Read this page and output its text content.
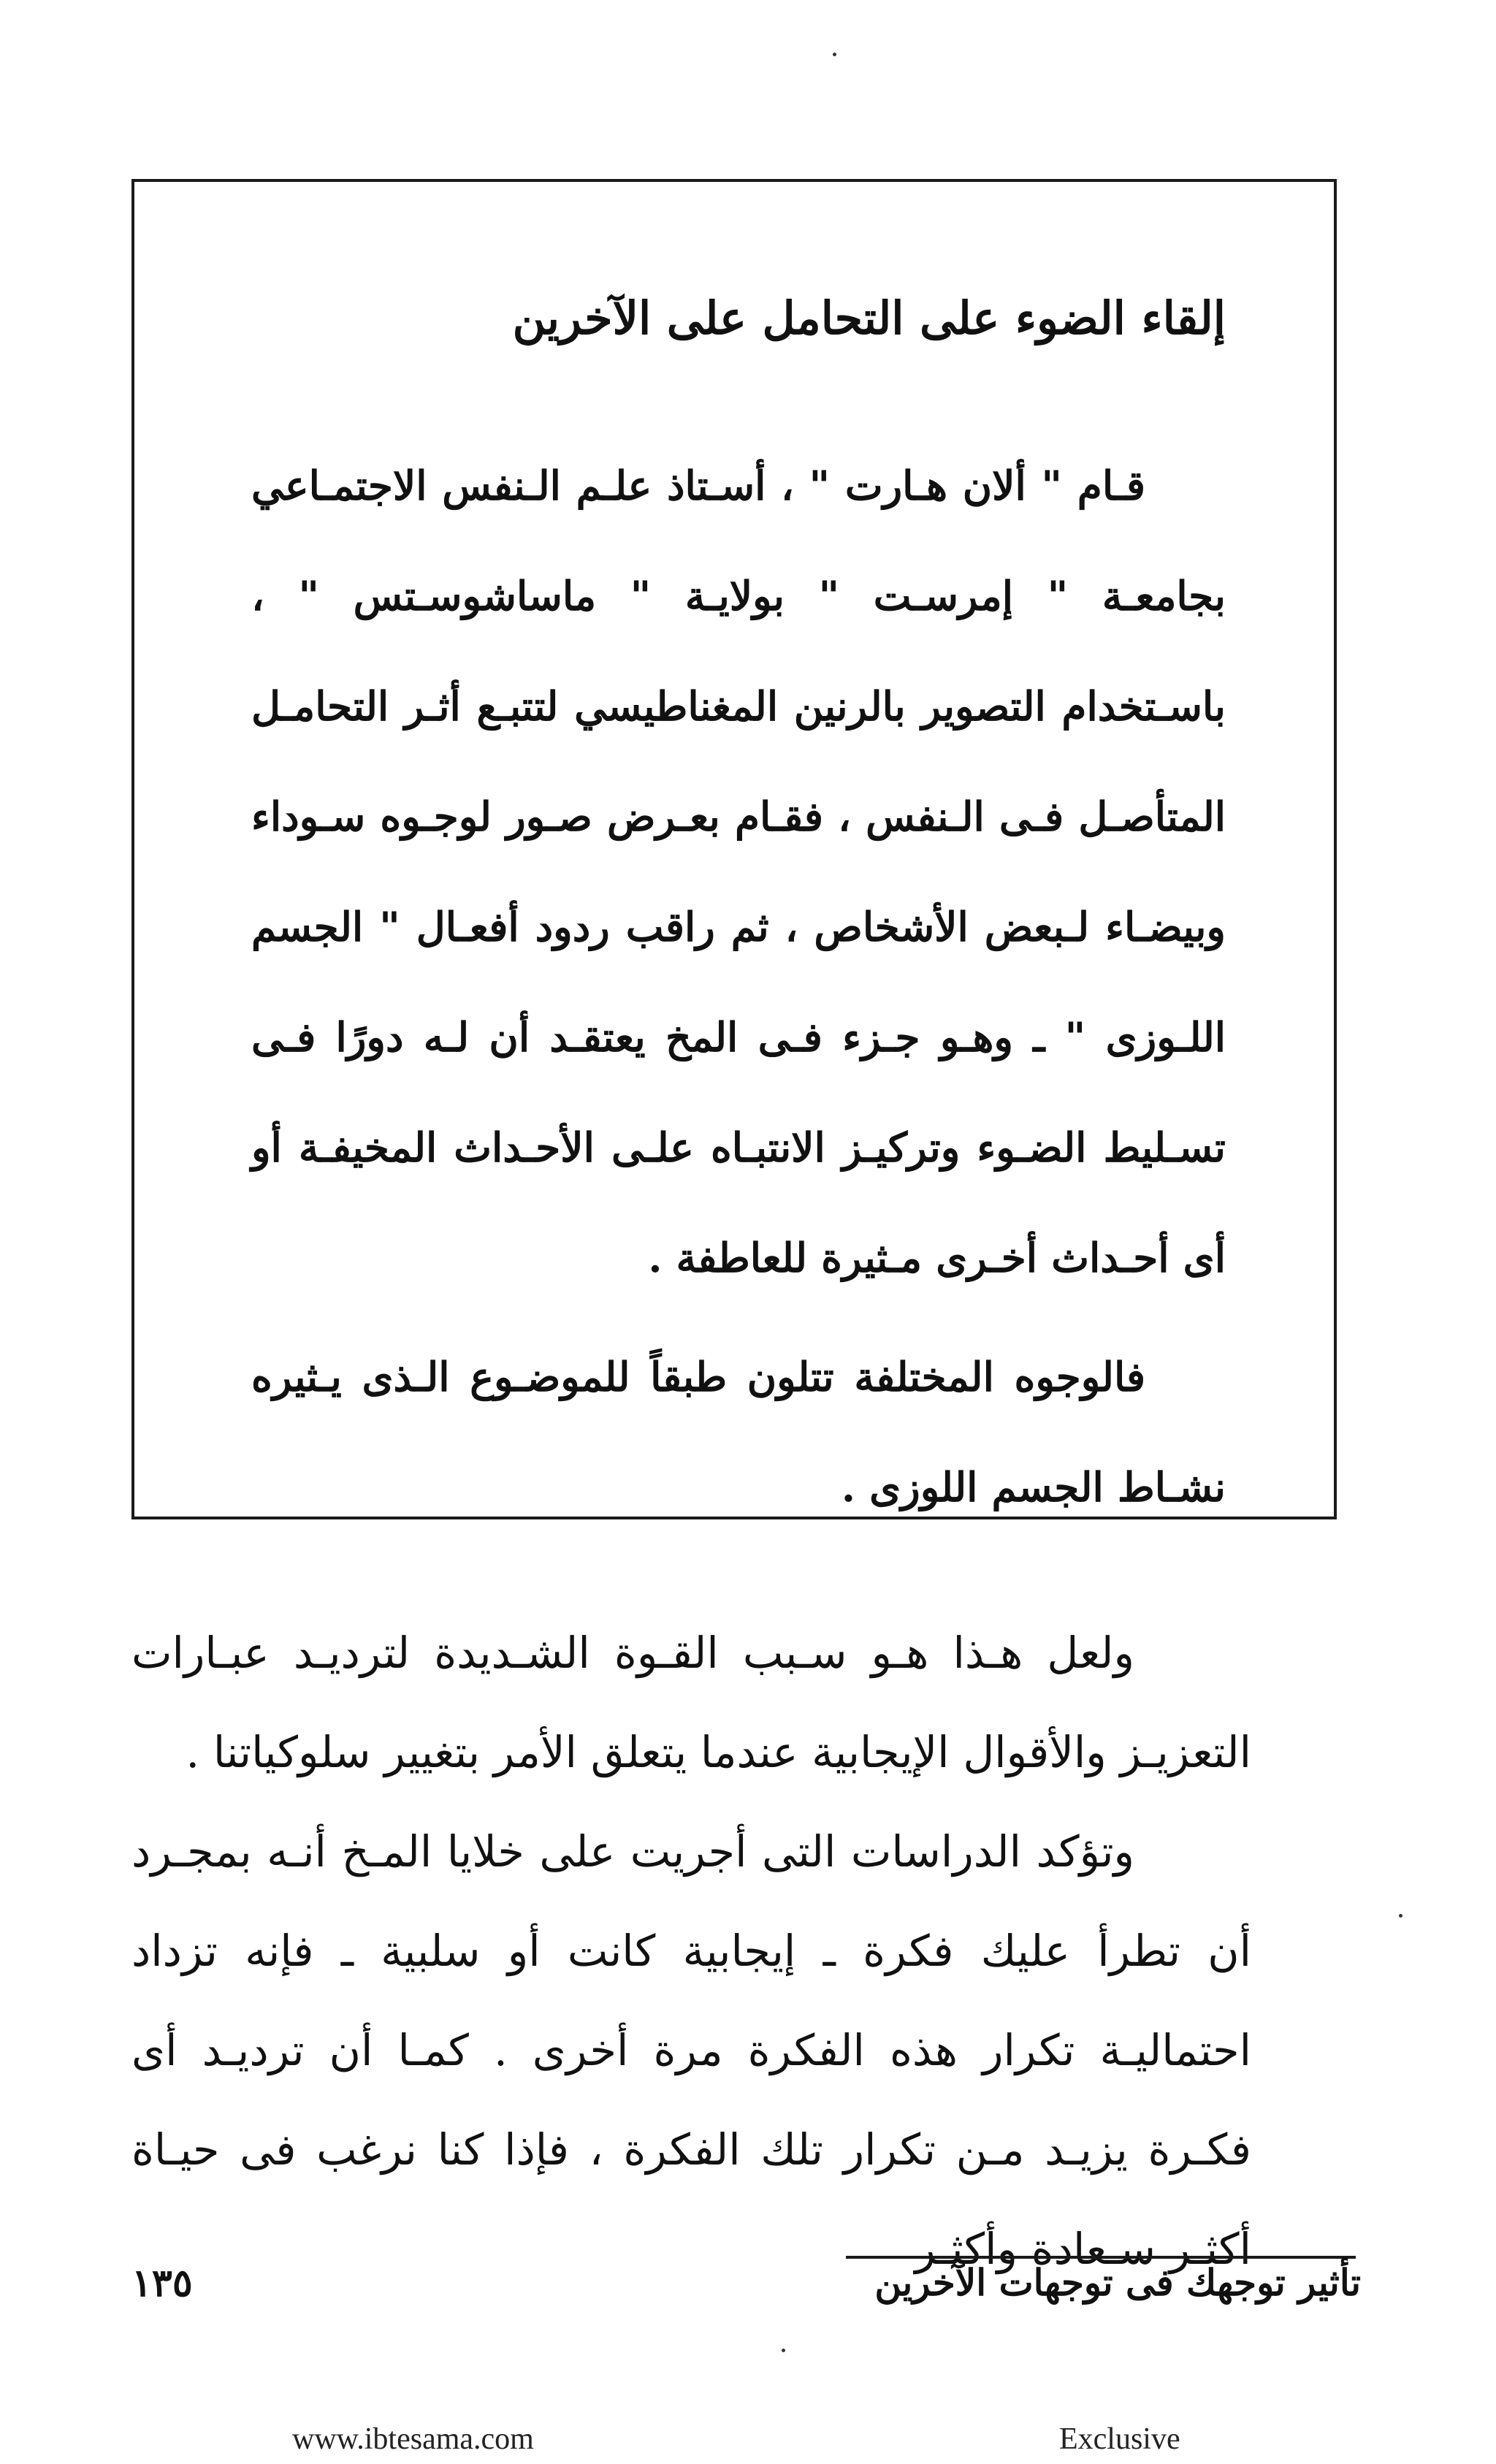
إلقاء الضوء على التحامل على الآخرين

قـام " ألان هـارت " ، أسـتاذ علـم الـنفس الاجتمـاعي بجامعـة " إمرسـت " بولايـة " ماساشوسـتس " ، باسـتخدام التصوير بالرنين المغناطيسي لتتبـع أثـر التحامـل المتأصـل فـى الـنفس ، فقـام بعـرض صـور لوجـوه سـوداء وبيضـاء لـبعض الأشخاص ، ثم راقب ردود أفعـال " الجسم اللـوزى " ـ وهـو جـزء فـى المخ يعتقـد أن لـه دورًا فـى تسـليط الضـوء وتركيـز الانتبـاه علـى الأحـداث المخيفـة أو أى أحـداث أخـرى مـثيرة للعاطفة .

فالوجوه المختلفة تتلون طبقاً للموضـوع الـذى يـثيره نشـاط الجسم اللوزى .

ولعل هـذا هـو سـبب القـوة الشـديدة لترديـد عبـارات التعزيـز والأقوال الإيجابية عندما يتعلق الأمر بتغيير سلوكياتنا .

وتؤكد الدراسات التى أجريت على خلايا المـخ أنـه بمجـرد أن تطرأ عليك فكرة ـ إيجابية كانت أو سلبية ـ فإنه تزداد احتماليـة تكرار هذه الفكرة مرة أخرى . كمـا أن ترديـد أى فكـرة يزيـد مـن تكرار تلك الفكرة ، فإذا كنا نرغب فى حيـاة أكثـر سـعادة وأكثـر

تأثير توجهك فى توجهات الآخرين
١٣٥
www.ibtesama.com	Exclusive
